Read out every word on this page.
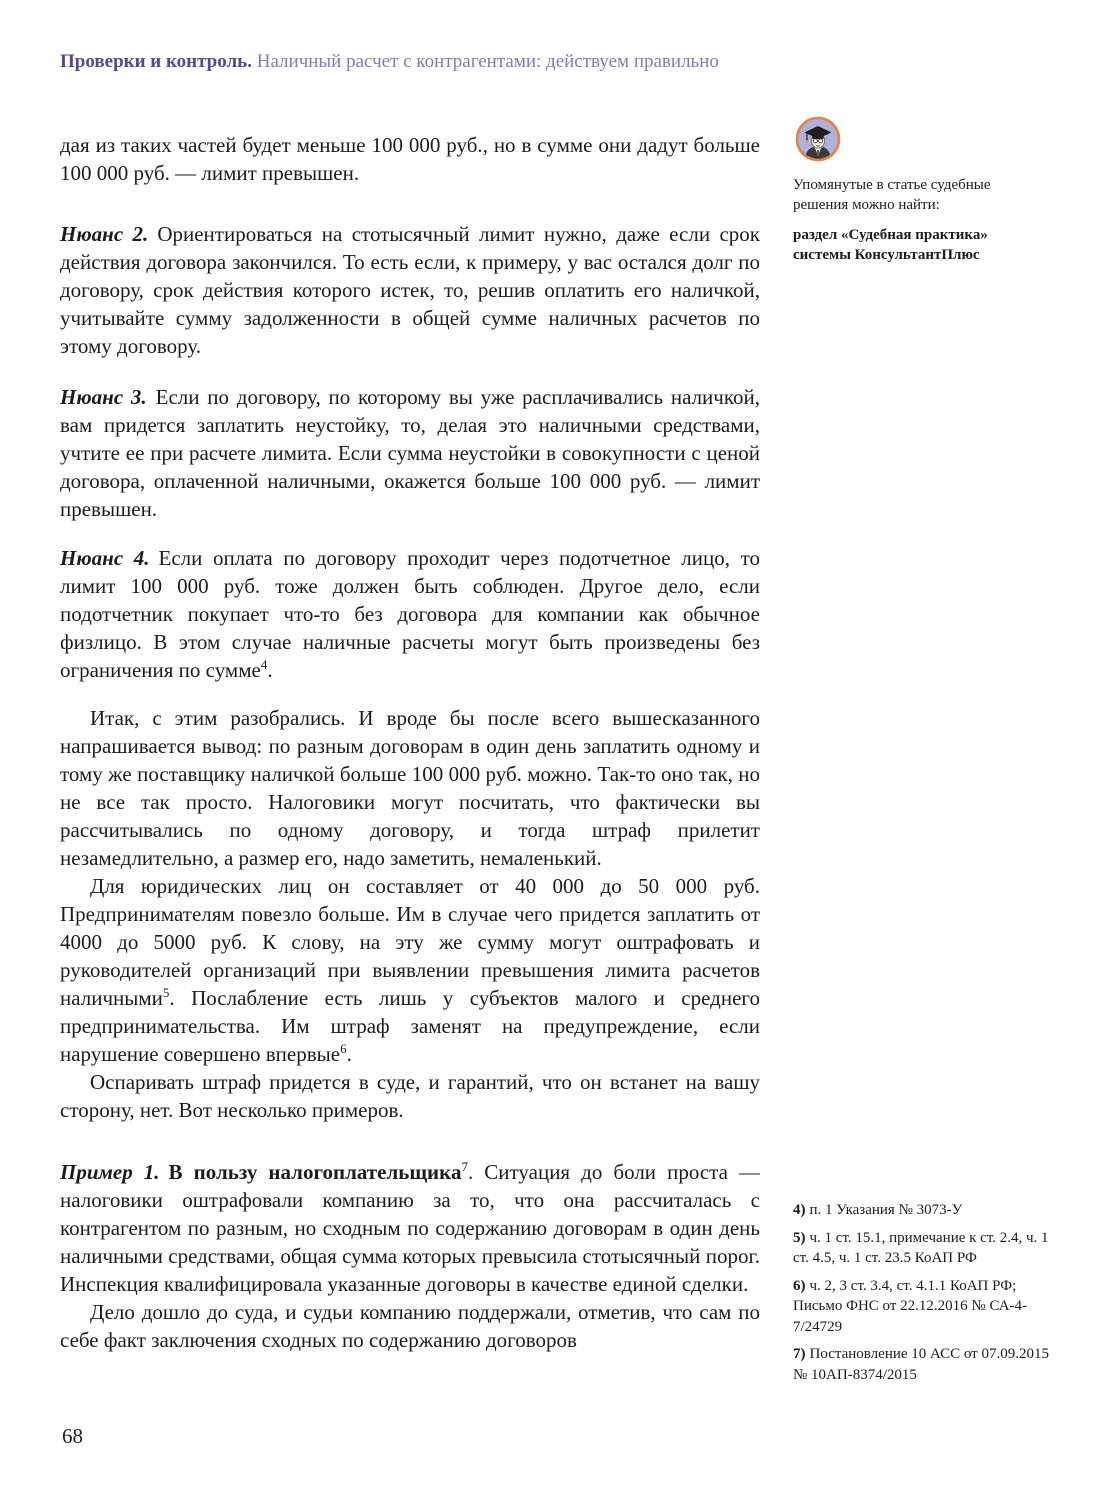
Проверки и контроль. Наличный расчет с контрагентами: действуем правильно

дая из таких частей будет меньше 100 000 руб., но в сумме они дадут больше 100 000 руб. — лимит превышен.

Нюанс 2. Ориентироваться на стотысячный лимит нужно, даже если срок действия договора закончился. То есть если, к примеру, у вас остался долг по договору, срок действия которого истек, то, решив оплатить его наличкой, учитывайте сумму задолженности в общей сумме наличных расчетов по этому договору.

Нюанс 3. Если по договору, по которому вы уже расплачивались наличкой, вам придется заплатить неустойку, то, делая это наличными средствами, учтите ее при расчете лимита. Если сумма неустойки в совокупности с ценой договора, оплаченной наличными, окажется больше 100 000 руб. — лимит превышен.

Нюанс 4. Если оплата по договору проходит через подотчетное лицо, то лимит 100 000 руб. тоже должен быть соблюден. Другое дело, если подотчетник покупает что-то без договора для компании как обычное физлицо. В этом случае наличные расчеты могут быть произведены без ограничения по сумме$^4$.

Итак, с этим разобрались. И вроде бы после всего вышесказанного напрашивается вывод: по разным договорам в один день заплатить одному и тому же поставщику наличкой больше 100 000 руб. можно. Так-то оно так, но не все так просто. Налоговики могут посчитать, что фактически вы рассчитывались по одному договору, и тогда штраф прилетит незамедлительно, а размер его, надо заметить, немаленький.

Для юридических лиц он составляет от 40 000 до 50 000 руб. Предпринимателям повезло больше. Им в случае чего придется заплатить от 4000 до 5000 руб. К слову, на эту же сумму могут оштрафовать и руководителей организаций при выявлении превышения лимита расчетов наличными$^5$. Послабление есть лишь у субъектов малого и среднего предпринимательства. Им штраф заменят на предупреждение, если нарушение совершено впервые$^6$.

Оспаривать штраф придется в суде, и гарантий, что он встанет на вашу сторону, нет. Вот несколько примеров.

Пример 1. В пользу налогоплательщика$^7$. Ситуация до боли проста — налоговики оштрафовали компанию за то, что она рассчиталась с контрагентом по разным, но сходным по содержанию договорам в один день наличными средствами, общая сумма которых превысила стотысячный порог. Инспекция квалифицировала указанные договоры в качестве единой сделки.

Дело дошло до суда, и судьи компанию поддержали, отметив, что сам по себе факт заключения сходных по содержанию договоров

Упомянутые в статье судебные решения можно найти:

раздел «Судебная практика» системы КонсультантПлюс

4) п. 1 Указания № 3073-У

5) ч. 1 ст. 15.1, примечание к ст. 2.4, ч. 1 ст. 4.5, ч. 1 ст. 23.5 КоАП РФ

6) ч. 2, 3 ст. 3.4, ст. 4.1.1 КоАП РФ; Письмо ФНС от 22.12.2016 № СА-4-7/24729

7) Постановление 10 АСС от 07.09.2015 № 10АП-8374/2015

68
